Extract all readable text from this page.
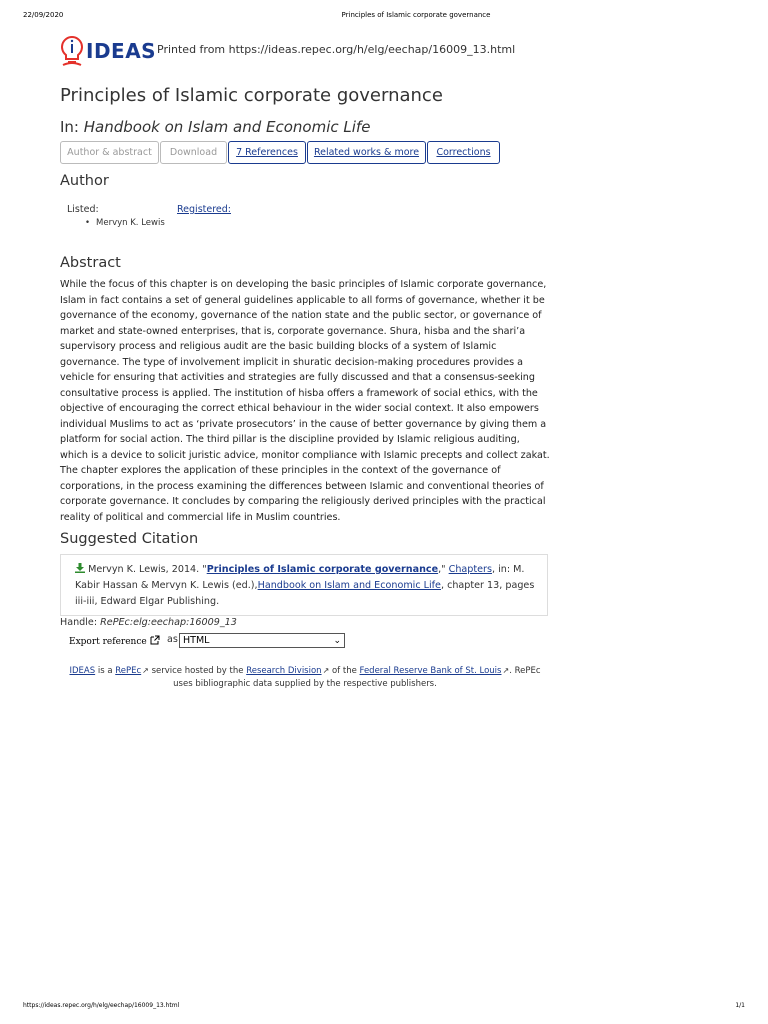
22/09/2020	Principles of Islamic corporate governance
IDEAS Printed from https://ideas.repec.org/h/elg/eechap/16009_13.html
Principles of Islamic corporate governance
In: Handbook on Islam and Economic Life
Author & abstract	Download	7 References	Related works & more	Corrections
Author
Listed:	Registered:
• Mervyn K. Lewis
Abstract
While the focus of this chapter is on developing the basic principles of Islamic corporate governance, Islam in fact contains a set of general guidelines applicable to all forms of governance, whether it be governance of the economy, governance of the nation state and the public sector, or governance of market and state-owned enterprises, that is, corporate governance. Shura, hisba and the shari’a supervisory process and religious audit are the basic building blocks of a system of Islamic governance. The type of involvement implicit in shuratic decision-making procedures provides a vehicle for ensuring that activities and strategies are fully discussed and that a consensus-seeking consultative process is applied. The institution of hisba offers a framework of social ethics, with the objective of encouraging the correct ethical behaviour in the wider social context. It also empowers individual Muslims to act as ‘private prosecutors’ in the cause of better governance by giving them a platform for social action. The third pillar is the discipline provided by Islamic religious auditing, which is a device to solicit juristic advice, monitor compliance with Islamic precepts and collect zakat. The chapter explores the application of these principles in the context of the governance of corporations, in the process examining the differences between Islamic and conventional theories of corporate governance. It concludes by comparing the religiously derived principles with the practical reality of political and commercial life in Muslim countries.
Suggested Citation
Mervyn K. Lewis, 2014. "Principles of Islamic corporate governance," Chapters, in: M. Kabir Hassan & Mervyn K. Lewis (ed.),Handbook on Islam and Economic Life, chapter 13, pages iii-iii, Edward Elgar Publishing.
Handle: RePEc:elg:eechap:16009_13
Export reference	as HTML	⌄
IDEAS is a RePEc↗ service hosted by the Research Division↗ of the Federal Reserve Bank of St. Louis↗. RePEc uses bibliographic data supplied by the respective publishers.
https://ideas.repec.org/h/elg/eechap/16009_13.html	1/1
